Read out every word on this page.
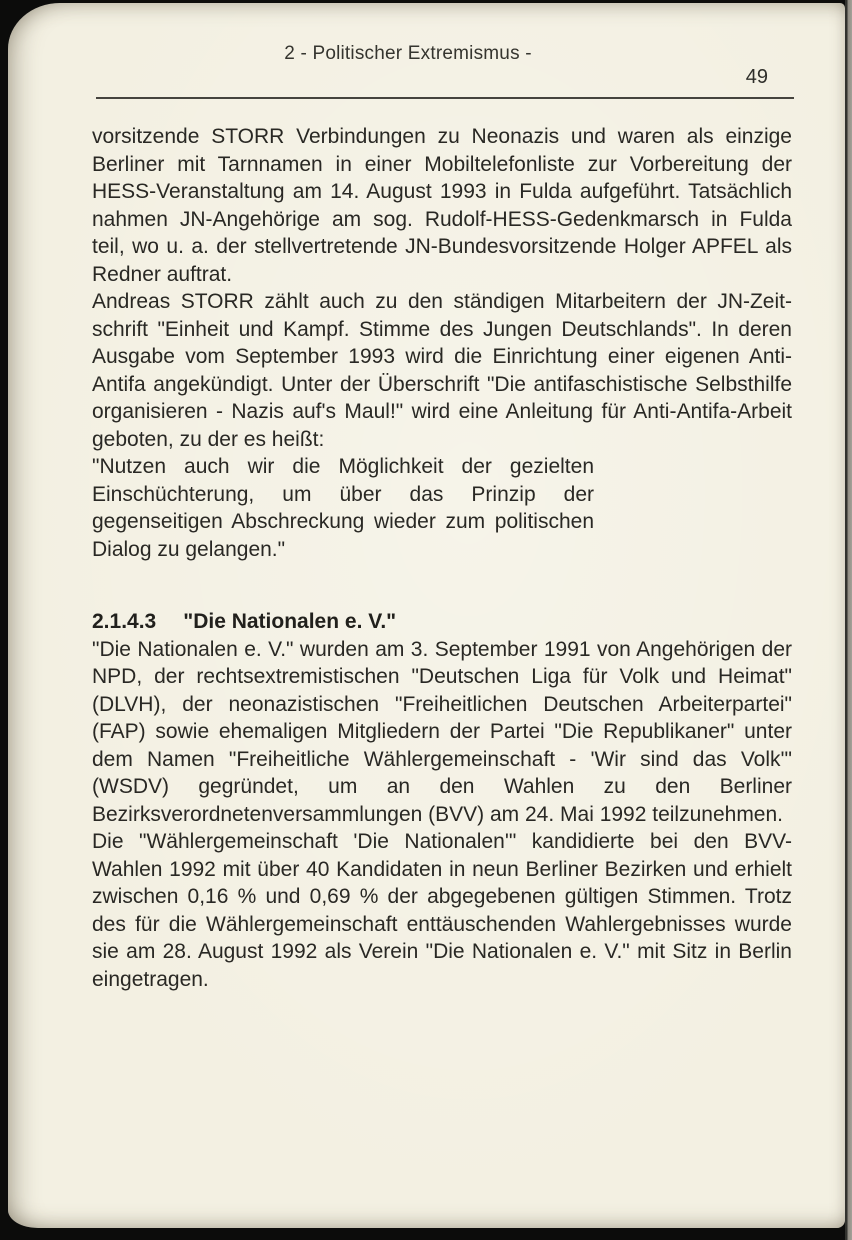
2 - Politischer Extremismus -
49

vorsitzende STORR Verbindungen zu Neonazis und waren als einzige Berliner mit Tarnnamen in einer Mobiltelefonliste zur Vorbereitung der HESS-Veranstaltung am 14. August 1993 in Fulda aufgeführt. Tatsächlich nahmen JN-Angehörige am sog. Rudolf-HESS-Gedenkmarsch in Fulda teil, wo u. a. der stellvertretende JN-Bundesvorsitzende Holger APFEL als Redner auftrat.

Andreas STORR zählt auch zu den ständigen Mitarbeitern der JN-Zeitschrift "Einheit und Kampf. Stimme des Jungen Deutschlands". In deren Ausgabe vom September 1993 wird die Einrichtung einer eigenen Anti-Antifa angekündigt. Unter der Überschrift "Die antifaschistische Selbsthilfe organisieren - Nazis auf's Maul!" wird eine Anleitung für Anti-Antifa-Arbeit geboten, zu der es heißt:

"Nutzen auch wir die Möglichkeit der gezielten Einschüchterung, um über das Prinzip der gegenseitigen Abschreckung wieder zum politischen Dialog zu gelangen."

2.1.4.3 "Die Nationalen e. V."

"Die Nationalen e. V." wurden am 3. September 1991 von Angehörigen der NPD, der rechtsextremistischen "Deutschen Liga für Volk und Heimat" (DLVH), der neonazistischen "Freiheitlichen Deutschen Arbeiterpartei" (FAP) sowie ehemaligen Mitgliedern der Partei "Die Republikaner" unter dem Namen "Freiheitliche Wählergemeinschaft - 'Wir sind das Volk'" (WSDV) gegründet, um an den Wahlen zu den Berliner Bezirksverordnetenversammlungen (BVV) am 24. Mai 1992 teilzunehmen.

Die "Wählergemeinschaft 'Die Nationalen'" kandidierte bei den BVV-Wahlen 1992 mit über 40 Kandidaten in neun Berliner Bezirken und erhielt zwischen 0,16 % und 0,69 % der abgegebenen gültigen Stimmen. Trotz des für die Wählergemeinschaft enttäuschenden Wahlergebnisses wurde sie am 28. August 1992 als Verein "Die Nationalen e. V." mit Sitz in Berlin eingetragen.
